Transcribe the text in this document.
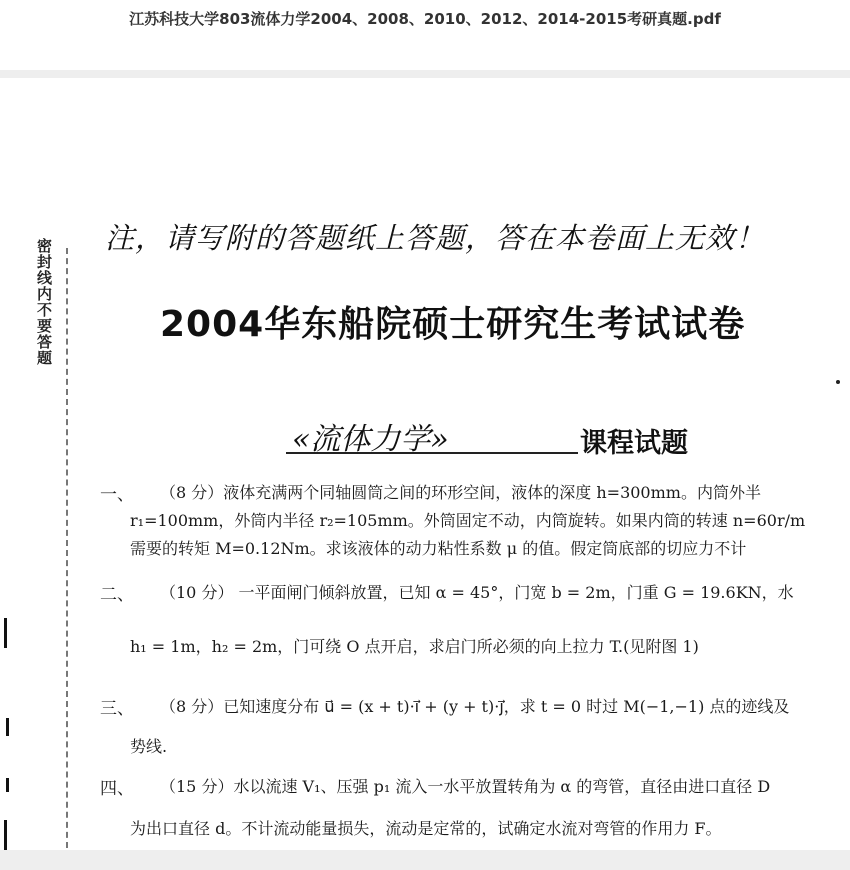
江苏科技大学803流体力学2004、2008、2010、2012、2014-2015考研真题.pdf
密封线内不要答题 注，请写附的答题纸上答题，答在本卷面上无效！
2004华东船院硕士研究生考试试卷
«流体力学»	课程试题
一、 （8 分）液体充满两个同轴圆筒之间的环形空间，液体的深度 h=300mm。内筒外半
r₁=100mm，外筒内半径 r₂=105mm。外筒固定不动，内筒旋转。如果内筒的转速 n=60r/m
需要的转矩 M=0.12Nm。求该液体的动力粘性系数 μ 的值。假定筒底部的切应力不计
二、 （10 分） 一平面闸门倾斜放置，已知 α = 45°，门宽 b = 2m，门重 G = 19.6KN，水
h₁ = 1m，h₂ = 2m，门可绕 O 点开启，求启门所必须的向上拉力 T.(见附图 1)
三、 （8 分）已知速度分布 u⃗ = (x + t)·i⃗ + (y + t)·j⃗，求 t = 0 时过 M(−1,−1) 点的迹线及
势线.
四、 （15 分）水以流速 V₁、压强 p₁ 流入一水平放置转角为 α 的弯管，直径由进口直径 D
为出口直径 d。不计流动能量损失，流动是定常的，试确定水流对弯管的作用力 F。
